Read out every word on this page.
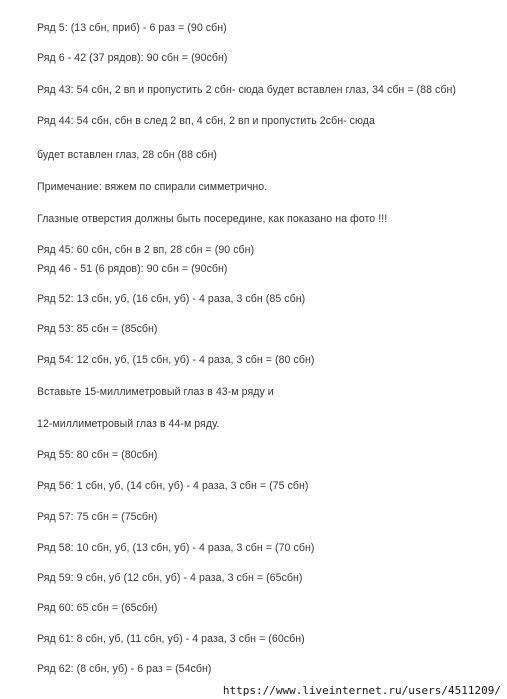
Ряд 5: (13 сбн, приб) - 6 раз = (90 сбн)
Ряд 6 - 42 (37 рядов): 90 сбн = (90сбн)
Ряд 43: 54 сбн, 2 вп и пропустить 2 сбн- сюда будет вставлен глаз, 34 сбн = (88 сбн)
Ряд 44: 54 сбн, сбн в след 2 вп, 4 сбн, 2 вп и пропустить 2сбн- сюда
будет вставлен глаз, 28 сбн (88 сбн)
Примечание: вяжем по спирали симметрично.
Глазные отверстия должны быть посередине, как показано на фото !!!
Ряд 45: 60 сбн, сбн в 2 вп, 28 сбн = (90 сбн)
Ряд 46 - 51 (6 рядов): 90 сбн = (90сбн)
Ряд 52: 13 сбн, уб, (16 сбн, уб) - 4 раза, 3 сбн (85 сбн)
Ряд 53: 85 сбн = (85сбн)
Ряд 54: 12 сбн, уб, (15 сбн, уб) - 4 раза, 3 сбн = (80 сбн)
Вставьте 15-миллиметровый глаз в 43-м ряду и
12-миллиметровый глаз в 44-м ряду.
Ряд 55: 80 сбн = (80сбн)
Ряд 56: 1 сбн, уб, (14 сбн, уб) - 4 раза, 3 сбн = (75 сбн)
Ряд 57: 75 сбн = (75сбн)
Ряд 58: 10 сбн, уб, (13 сбн, уб) - 4 раза, 3 сбн = (70 сбн)
Ряд 59: 9 сбн, уб (12 сбн, уб) - 4 раза, 3 сбн = (65сбн)
Ряд 60: 65 сбн = (65сбн)
Ряд 61: 8 сбн, уб, (11 сбн, уб) - 4 раза, 3 сбн = (60сбн)
Ряд 62: (8 сбн, уб) - 6 раз = (54сбн)
https://www.liveinternet.ru/users/4511209/
